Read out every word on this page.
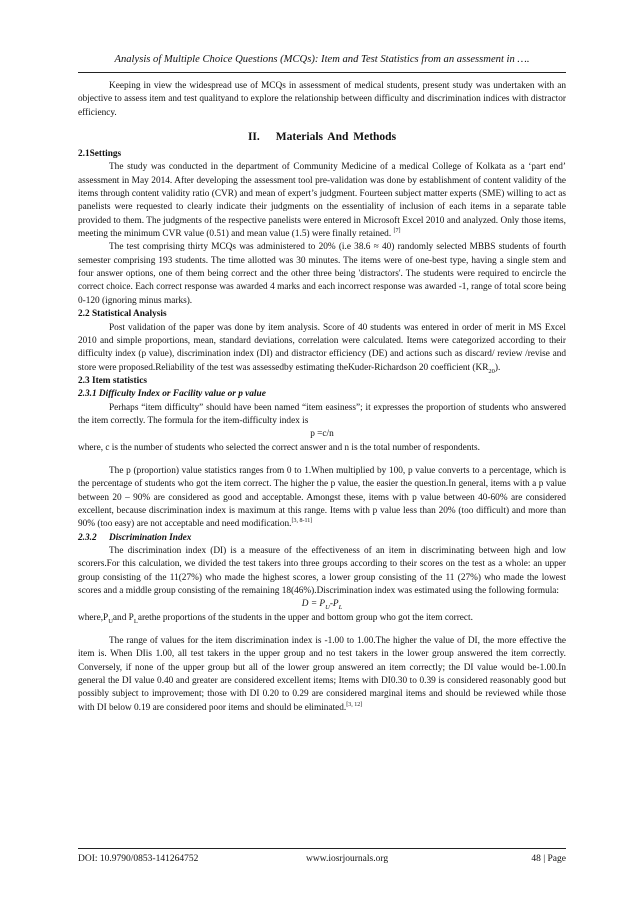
Analysis of Multiple Choice Questions (MCQs): Item and Test Statistics from an assessment in ….

Keeping in view the widespread use of MCQs in assessment of medical students, present study was undertaken with an objective to assess item and test qualityand to explore the relationship between difficulty and discrimination indices with distractor efficiency.

II. Materials And Methods

2.1Settings

The study was conducted in the department of Community Medicine of a medical College of Kolkata as a ‘part end’ assessment in May 2014. After developing the assessment tool pre-validation was done by establishment of content validity of the items through content validity ratio (CVR) and mean of expert’s judgment. Fourteen subject matter experts (SME) willing to act as panelists were requested to clearly indicate their judgments on the essentiality of inclusion of each items in a separate table provided to them. The judgments of the respective panelists were entered in Microsoft Excel 2010 and analyzed. Only those items, meeting the minimum CVR value (0.51) and mean value (1.5) were finally retained. [7]

The test comprising thirty MCQs was administered to 20% (i.e 38.6 ≈ 40) randomly selected MBBS students of fourth semester comprising 193 students. The time allotted was 30 minutes. The items were of one-best type, having a single stem and four answer options, one of them being correct and the other three being 'distractors'. The students were required to encircle the correct choice. Each correct response was awarded 4 marks and each incorrect response was awarded -1, range of total score being 0-120 (ignoring minus marks).

2.2 Statistical Analysis

Post validation of the paper was done by item analysis. Score of 40 students was entered in order of merit in MS Excel 2010 and simple proportions, mean, standard deviations, correlation were calculated. Items were categorized according to their difficulty index (p value), discrimination index (DI) and distractor efficiency (DE) and actions such as discard/ review /revise and store were proposed.Reliability of the test was assessedby estimating theKuder-Richardson 20 coefficient $(KR_{20})$.

2.3 Item statistics

2.3.1 Difficulty Index or Facility value or p value

Perhaps “item difficulty” should have been named “item easiness”; it expresses the proportion of students who answered the item correctly. The formula for the item-difficulty index is

p =c/n

where, c is the number of students who selected the correct answer and n is the total number of respondents.

The p (proportion) value statistics ranges from 0 to 1.When multiplied by 100, p value converts to a percentage, which is the percentage of students who got the item correct. The higher the p value, the easier the question.In general, items with a p value between 20 – 90% are considered as good and acceptable. Amongst these, items with p value between 40-60% are considered excellent, because discrimination index is maximum at this range. Items with p value less than 20% (too difficult) and more than 90% (too easy) are not acceptable and need modification.[3, 8-11]

2.3.2 Discrimination Index

The discrimination index (DI) is a measure of the effectiveness of an item in discriminating between high and low scorers.For this calculation, we divided the test takers into three groups according to their scores on the test as a whole: an upper group consisting of the 11(27%) who made the highest scores, a lower group consisting of the 11 (27%) who made the lowest scores and a middle group consisting of the remaining 18(46%).Discrimination index was estimated using the following formula:

$D = P_U-P_L$

$where,P_Uand$ $P_Larethe$ proportions of the students in the upper and bottom group who got the item correct.

The range of values for the item discrimination index is -1.00 to 1.00.The higher the value of DI, the more effective the item is. When DIis 1.00, all test takers in the upper group and no test takers in the lower group answered the item correctly. Conversely, if none of the upper group but all of the lower group answered an item correctly; the DI value would be-1.00.In general the DI value 0.40 and greater are considered excellent items; Items with DI0.30 to 0.39 is considered reasonably good but possibly subject to improvement; those with DI 0.20 to 0.29 are considered marginal items and should be reviewed while those with DI below 0.19 are considered poor items and should be eliminated.[3, 12]

DOI: 10.9790/0853-141264752	www.iosrjournals.org	48 | Page
